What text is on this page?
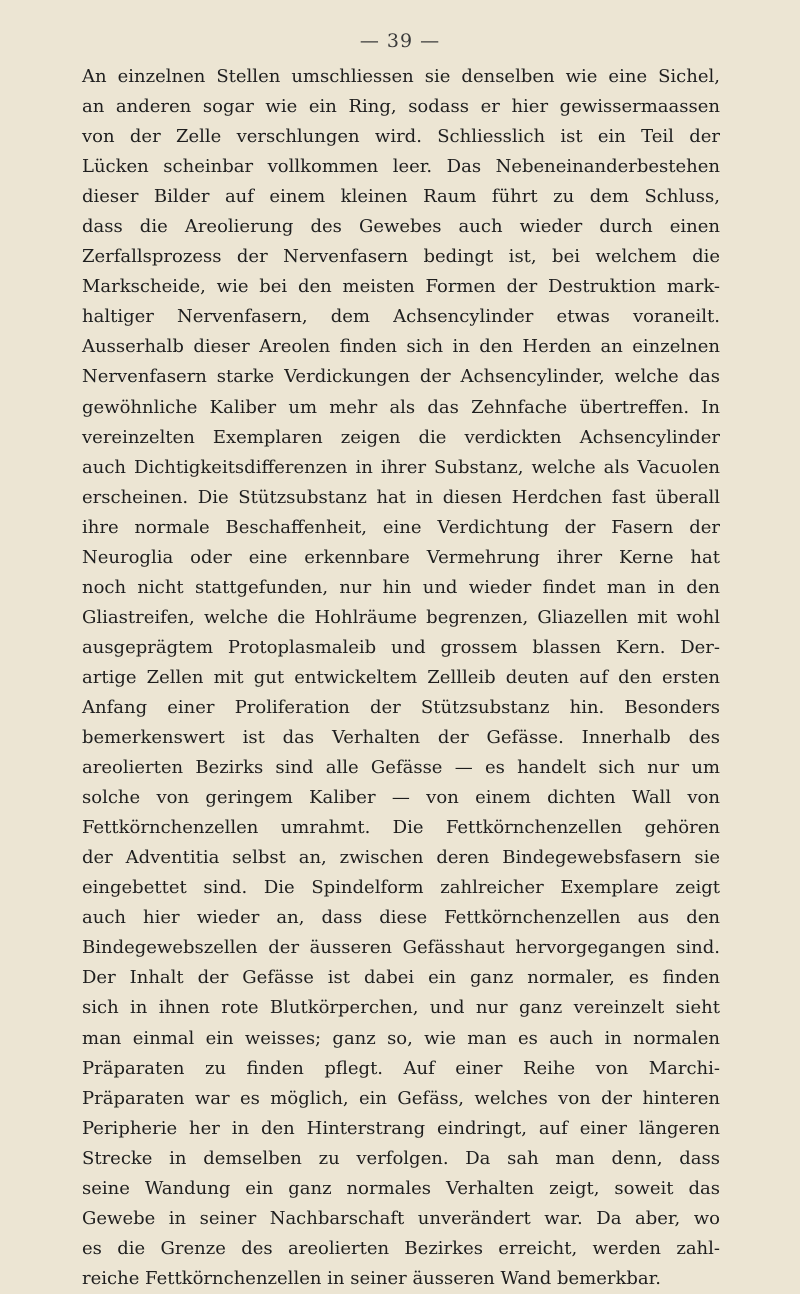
— 39 —
An einzelnen Stellen umschliessen sie denselben wie eine Sichel,
an anderen sogar wie ein Ring, sodass er hier gewissermaassen
von der Zelle verschlungen wird. Schliesslich ist ein Teil der
Lücken scheinbar vollkommen leer. Das Nebeneinanderbestehen
dieser Bilder auf einem kleinen Raum führt zu dem Schluss,
dass die Areolierung des Gewebes auch wieder durch einen
Zerfallsprozess der Nervenfasern bedingt ist, bei welchem die
Markscheide, wie bei den meisten Formen der Destruktion mark-
haltiger Nervenfasern, dem Achsencylinder etwas voraneilt.
Ausserhalb dieser Areolen finden sich in den Herden an einzelnen
Nervenfasern starke Verdickungen der Achsencylinder, welche das
gewöhnliche Kaliber um mehr als das Zehnfache übertreffen. In
vereinzelten Exemplaren zeigen die verdickten Achsencylinder
auch Dichtigkeitsdifferenzen in ihrer Substanz, welche als Vacuolen
erscheinen. Die Stützsubstanz hat in diesen Herdchen fast überall
ihre normale Beschaffenheit, eine Verdichtung der Fasern der
Neuroglia oder eine erkennbare Vermehrung ihrer Kerne hat
noch nicht stattgefunden, nur hin und wieder findet man in den
Gliastreifen, welche die Hohlräume begrenzen, Gliazellen mit wohl
ausgeprägtem Protoplasmaleib und grossem blassen Kern. Der-
artige Zellen mit gut entwickeltem Zellleib deuten auf den ersten
Anfang einer Proliferation der Stützsubstanz hin. Besonders
bemerkenswert ist das Verhalten der Gefässe. Innerhalb des
areolierten Bezirks sind alle Gefässe — es handelt sich nur um
solche von geringem Kaliber — von einem dichten Wall von
Fettkörnchenzellen umrahmt. Die Fettkörnchenzellen gehören
der Adventitia selbst an, zwischen deren Bindegewebsfasern sie
eingebettet sind. Die Spindelform zahlreicher Exemplare zeigt
auch hier wieder an, dass diese Fettkörnchenzellen aus den
Bindegewebszellen der äusseren Gefässhaut hervorgegangen sind.
Der Inhalt der Gefässe ist dabei ein ganz normaler, es finden
sich in ihnen rote Blutkörperchen, und nur ganz vereinzelt sieht
man einmal ein weisses; ganz so, wie man es auch in normalen
Präparaten zu finden pflegt. Auf einer Reihe von Marchi-
Präparaten war es möglich, ein Gefäss, welches von der hinteren
Peripherie her in den Hinterstrang eindringt, auf einer längeren
Strecke in demselben zu verfolgen. Da sah man denn, dass
seine Wandung ein ganz normales Verhalten zeigt, soweit das
Gewebe in seiner Nachbarschaft unverändert war. Da aber, wo
es die Grenze des areolierten Bezirkes erreicht, werden zahl-
reiche Fettkörnchenzellen in seiner äusseren Wand bemerkbar.
